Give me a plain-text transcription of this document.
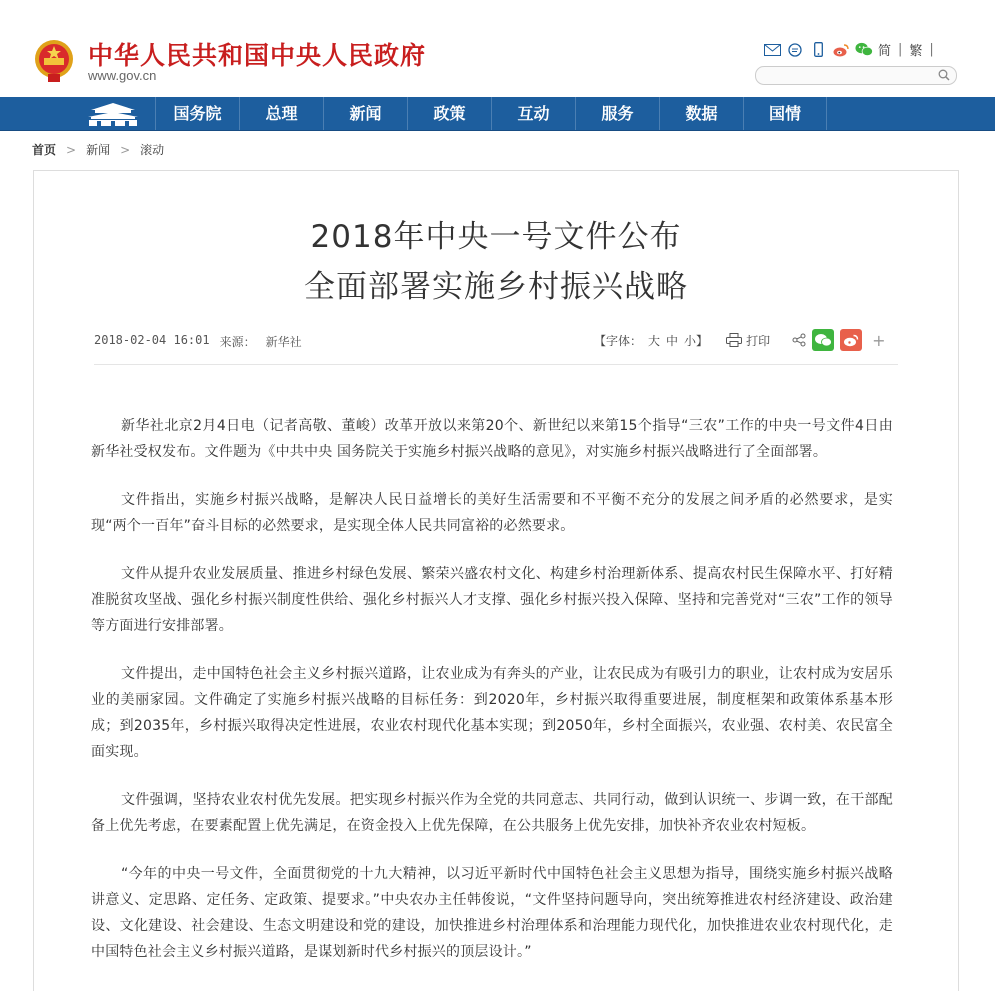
中华人民共和国中央人民政府
www.gov.cn
简 | 繁 |
国务院	总理	新闻	政策	互动	服务	数据	国情
首页 > 新闻 > 滚动
2018年中央一号文件公布
全面部署实施乡村振兴战略
2018-02-04 16:01 来源： 新华社	【字体： 大 中 小】	打印	+

新华社北京2月4日电（记者高敬、董峻）改革开放以来第20个、新世纪以来第15个指导“三农”工作的中央一号文件4日由新华社受权发布。文件题为《中共中央 国务院关于实施乡村振兴战略的意见》，对实施乡村振兴战略进行了全面部署。

文件指出，实施乡村振兴战略，是解决人民日益增长的美好生活需要和不平衡不充分的发展之间矛盾的必然要求，是实现“两个一百年”奋斗目标的必然要求，是实现全体人民共同富裕的必然要求。

文件从提升农业发展质量、推进乡村绿色发展、繁荣兴盛农村文化、构建乡村治理新体系、提高农村民生保障水平、打好精准脱贫攻坚战、强化乡村振兴制度性供给、强化乡村振兴人才支撑、强化乡村振兴投入保障、坚持和完善党对“三农”工作的领导等方面进行安排部署。

文件提出，走中国特色社会主义乡村振兴道路，让农业成为有奔头的产业，让农民成为有吸引力的职业，让农村成为安居乐业的美丽家园。文件确定了实施乡村振兴战略的目标任务：到2020年，乡村振兴取得重要进展，制度框架和政策体系基本形成；到2035年，乡村振兴取得决定性进展，农业农村现代化基本实现；到2050年，乡村全面振兴，农业强、农村美、农民富全面实现。

文件强调，坚持农业农村优先发展。把实现乡村振兴作为全党的共同意志、共同行动，做到认识统一、步调一致，在干部配备上优先考虑，在要素配置上优先满足，在资金投入上优先保障，在公共服务上优先安排，加快补齐农业农村短板。

“今年的中央一号文件，全面贯彻党的十九大精神，以习近平新时代中国特色社会主义思想为指导，围绕实施乡村振兴战略讲意义、定思路、定任务、定政策、提要求。”中央农办主任韩俊说，“文件坚持问题导向，突出统筹推进农村经济建设、政治建设、文化建设、社会建设、生态文明建设和党的建设，加快推进乡村治理体系和治理能力现代化，加快推进农业农村现代化，走中国特色社会主义乡村振兴道路，是谋划新时代乡村振兴的顶层设计。”
